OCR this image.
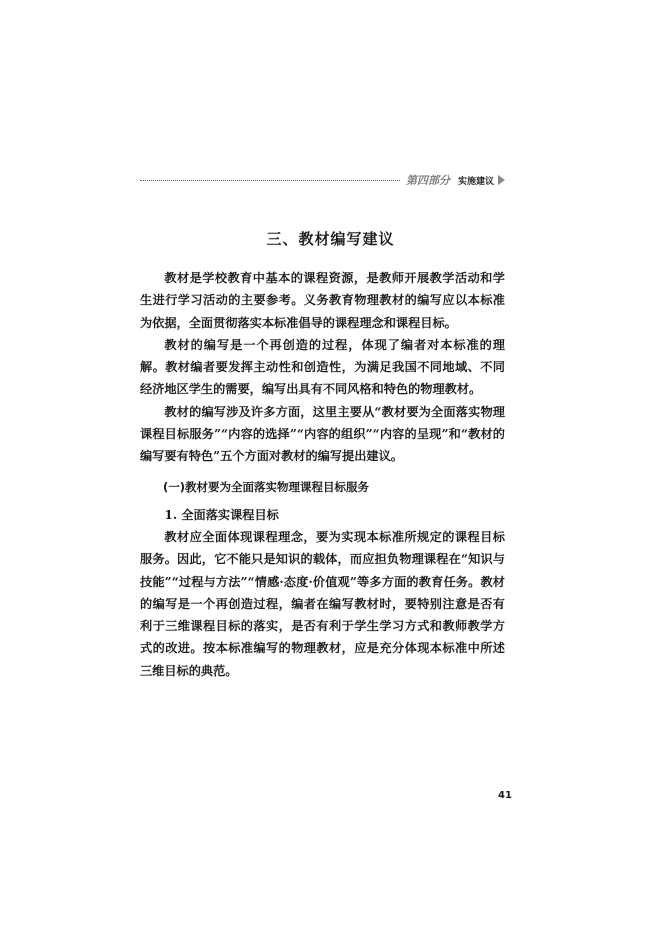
第四部分 实施建议
三、教材编写建议

教材是学校教育中基本的课程资源，是教师开展教学活动和学生进行学习活动的主要参考。义务教育物理教材的编写应以本标准为依据，全面贯彻落实本标准倡导的课程理念和课程目标。

教材的编写是一个再创造的过程，体现了编者对本标准的理解。教材编者要发挥主动性和创造性，为满足我国不同地域、不同经济地区学生的需要，编写出具有不同风格和特色的物理教材。

教材的编写涉及许多方面，这里主要从“教材要为全面落实物理课程目标服务”“内容的选择”“内容的组织”“内容的呈现”和“教材的编写要有特色”五个方面对教材的编写提出建议。

(一)教材要为全面落实物理课程目标服务

1. 全面落实课程目标

教材应全面体现课程理念，要为实现本标准所规定的课程目标服务。因此，它不能只是知识的载体，而应担负物理课程在“知识与技能”“过程与方法”“情感·态度·价值观”等多方面的教育任务。教材的编写是一个再创造过程，编者在编写教材时，要特别注意是否有利于三维课程目标的落实，是否有利于学生学习方式和教师教学方式的改进。按本标准编写的物理教材，应是充分体现本标准中所述三维目标的典范。

41
